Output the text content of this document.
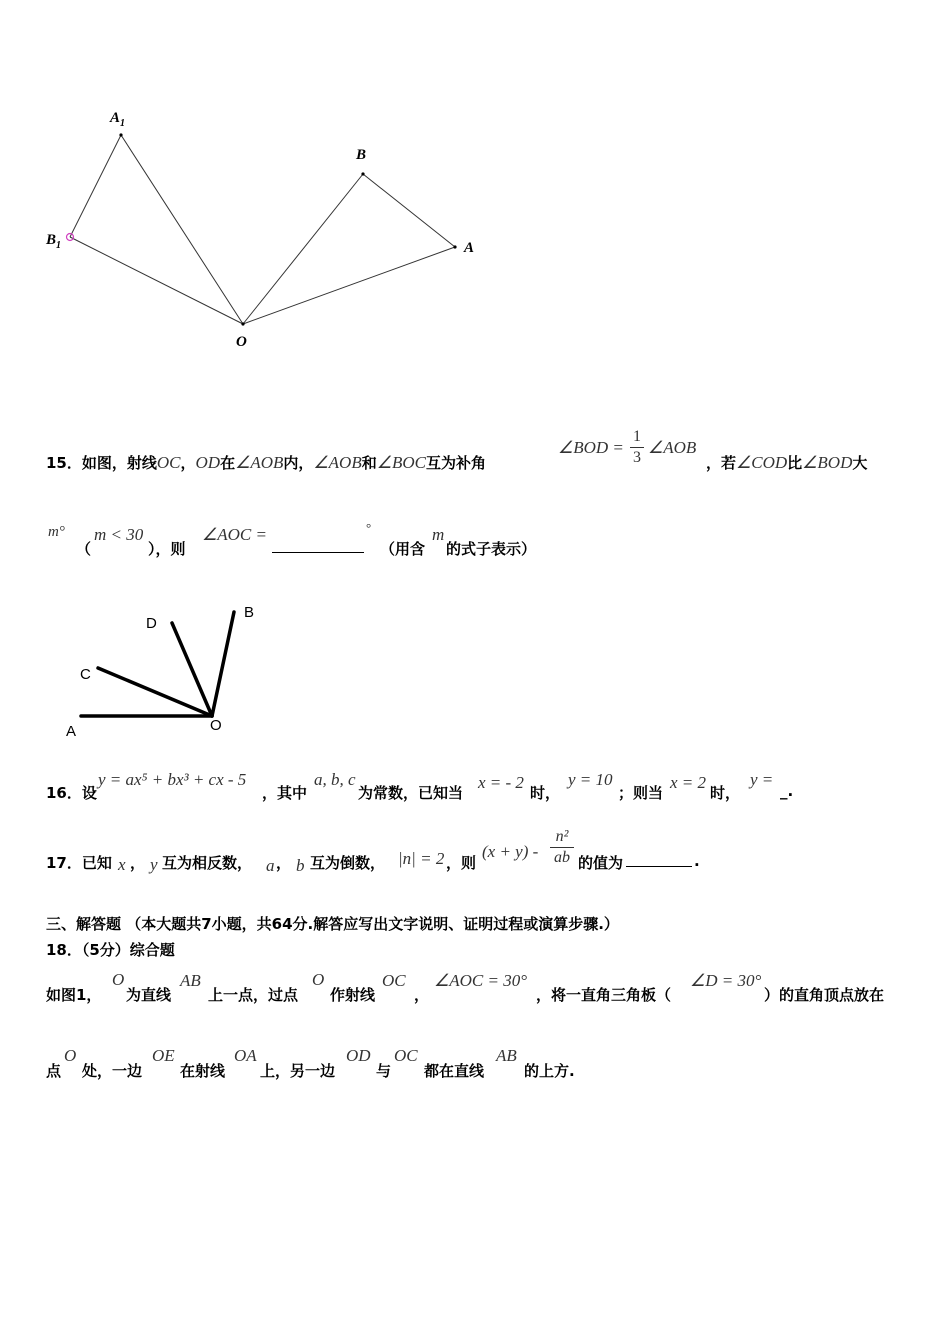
$A_1$
$B_1$
B
A
O
15．如图，射线OC，OD在∠AOB内，∠AOB和∠BOC互为补角
∠BOD =
1
3
∠AOB
，若∠COD比∠BOD大
m°
（
m < 30
），则
∠AOC =	°
（用含
m
的式子表示）
D
B
C
A	O
16．设
y = ax⁵ + bx³ + cx - 5
，其中
a, b, c
为常数，已知当
x = - 2
时，
y = 10
；则当
x = 2
时，
y =
_.
17．已知 x ， y 互为相反数， a ， b 互为倒数， |n| = 2 ，则
(x + y) -
n²
ab 的值为	.
三、解答题 （本大题共7小题，共64分.解答应写出文字说明、证明过程或演算步骤.）
18．（5分）综合题
如图1，
O
为直线
AB
上一点，过点
O
作射线
OC
，
∠AOC = 30°
，将一直角三角板（
∠D = 30°
）的直角顶点放在
点
O
处，一边
OE
在射线
OA
上，另一边
OD
与
OC
都在直线
AB
的上方.
